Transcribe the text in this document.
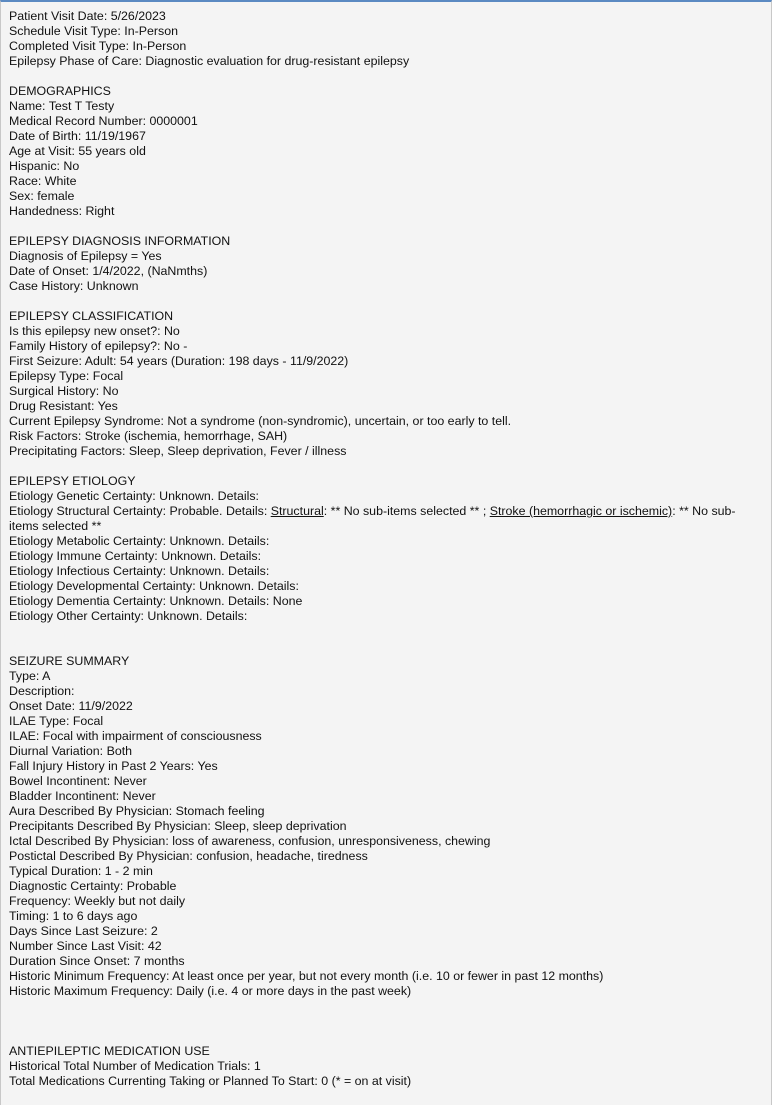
Patient Visit Date: 5/26/2023
Schedule Visit Type: In-Person
Completed Visit Type: In-Person
Epilepsy Phase of Care: Diagnostic evaluation for drug-resistant epilepsy
DEMOGRAPHICS
Name: Test T Testy
Medical Record Number: 0000001
Date of Birth: 11/19/1967
Age at Visit: 55 years old
Hispanic: No
Race: White
Sex: female
Handedness: Right
EPILEPSY DIAGNOSIS INFORMATION
Diagnosis of Epilepsy = Yes
Date of Onset: 1/4/2022, (NaNmths)
Case History: Unknown
EPILEPSY CLASSIFICATION
Is this epilepsy new onset?: No
Family History of epilepsy?: No -
First Seizure: Adult: 54 years (Duration: 198 days - 11/9/2022)
Epilepsy Type: Focal
Surgical History: No
Drug Resistant: Yes
Current Epilepsy Syndrome: Not a syndrome (non-syndromic), uncertain, or too early to tell.
Risk Factors: Stroke (ischemia, hemorrhage, SAH)
Precipitating Factors: Sleep, Sleep deprivation, Fever / illness
EPILEPSY ETIOLOGY
Etiology Genetic Certainty: Unknown. Details:
Etiology Structural Certainty: Probable. Details: Structural: ** No sub-items selected ** ; Stroke (hemorrhagic or ischemic): ** No sub-items selected **
Etiology Metabolic Certainty: Unknown. Details:
Etiology Immune Certainty: Unknown. Details:
Etiology Infectious Certainty: Unknown. Details:
Etiology Developmental Certainty: Unknown. Details:
Etiology Dementia Certainty: Unknown. Details: None
Etiology Other Certainty: Unknown. Details:
SEIZURE SUMMARY
Type: A
Description:
Onset Date: 11/9/2022
ILAE Type: Focal
ILAE: Focal with impairment of consciousness
Diurnal Variation: Both
Fall Injury History in Past 2 Years: Yes
Bowel Incontinent: Never
Bladder Incontinent: Never
Aura Described By Physician: Stomach feeling
Precipitants Described By Physician: Sleep, sleep deprivation
Ictal Described By Physician: loss of awareness, confusion, unresponsiveness, chewing
Postictal Described By Physician: confusion, headache, tiredness
Typical Duration: 1 - 2 min
Diagnostic Certainty: Probable
Frequency: Weekly but not daily
Timing: 1 to 6 days ago
Days Since Last Seizure: 2
Number Since Last Visit: 42
Duration Since Onset: 7 months
Historic Minimum Frequency: At least once per year, but not every month (i.e. 10 or fewer in past 12 months)
Historic Maximum Frequency: Daily (i.e. 4 or more days in the past week)
ANTIEPILEPTIC MEDICATION USE
Historical Total Number of Medication Trials: 1
Total Medications Currenting Taking or Planned To Start: 0 (* = on at visit)
